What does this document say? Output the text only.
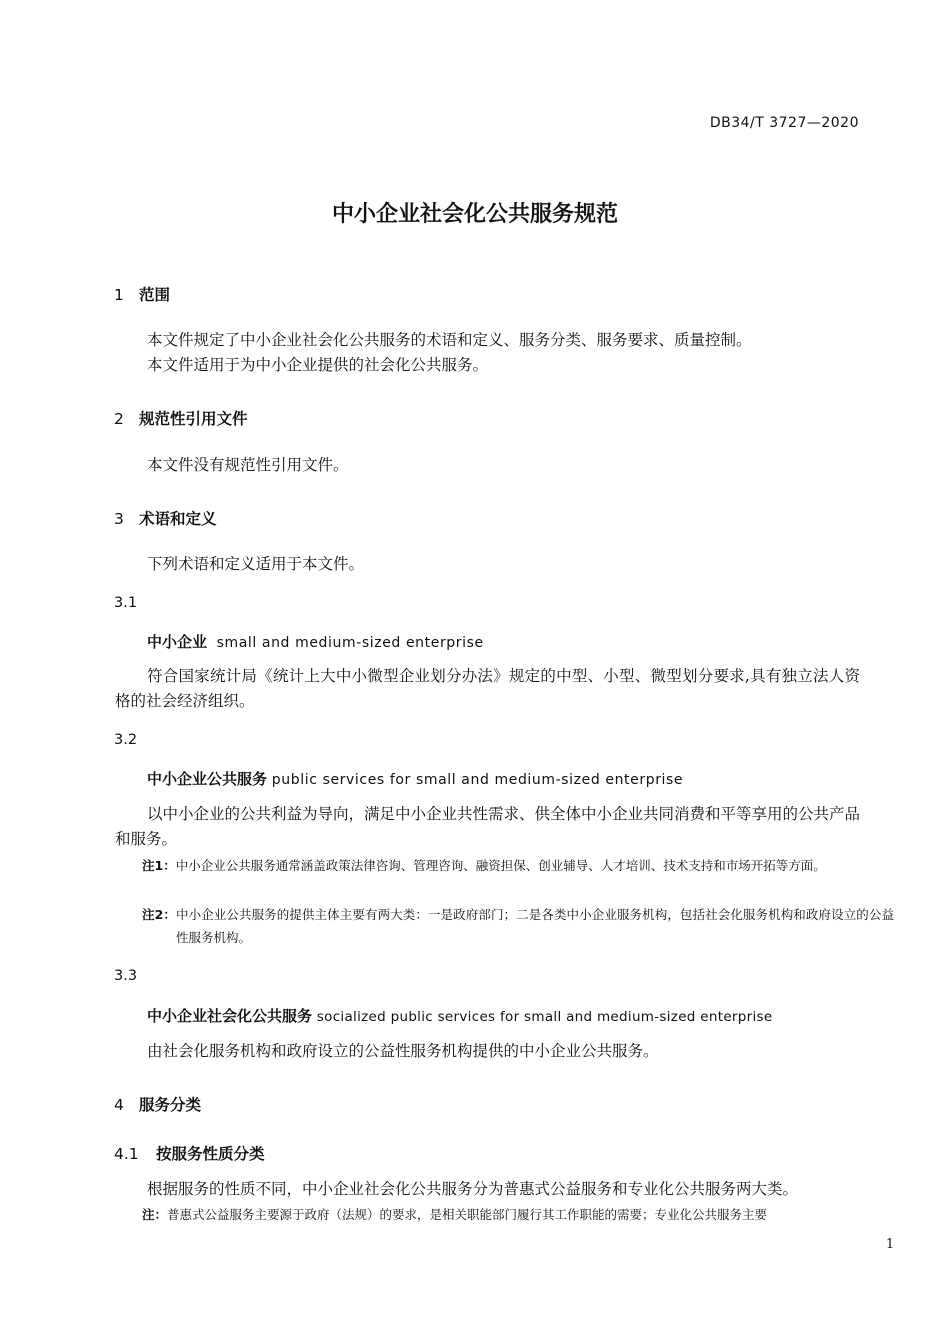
DB34/T 3727—2020
中小企业社会化公共服务规范
1 范围
本文件规定了中小企业社会化公共服务的术语和定义、服务分类、服务要求、质量控制。
本文件适用于为中小企业提供的社会化公共服务。
2 规范性引用文件
本文件没有规范性引用文件。
3 术语和定义
下列术语和定义适用于本文件。
3.1
中小企业 small and medium-sized enterprise
符合国家统计局《统计上大中小微型企业划分办法》规定的中型、小型、微型划分要求,具有独立法人资格的社会经济组织。
3.2
中小企业公共服务 public services for small and medium-sized enterprise
以中小企业的公共利益为导向，满足中小企业共性需求、供全体中小企业共同消费和平等享用的公共产品和服务。
注1：中小企业公共服务通常涵盖政策法律咨询、管理咨询、融资担保、创业辅导、人才培训、技术支持和市场开拓等方面。
注2：中小企业公共服务的提供主体主要有两大类：一是政府部门；二是各类中小企业服务机构，包括社会化服务机构和政府设立的公益性服务机构。
3.3
中小企业社会化公共服务 socialized public services for small and medium-sized enterprise
由社会化服务机构和政府设立的公益性服务机构提供的中小企业公共服务。
4 服务分类
4.1 按服务性质分类
根据服务的性质不同，中小企业社会化公共服务分为普惠式公益服务和专业化公共服务两大类。
注：普惠式公益服务主要源于政府（法规）的要求，是相关职能部门履行其工作职能的需要；专业化公共服务主要
1
